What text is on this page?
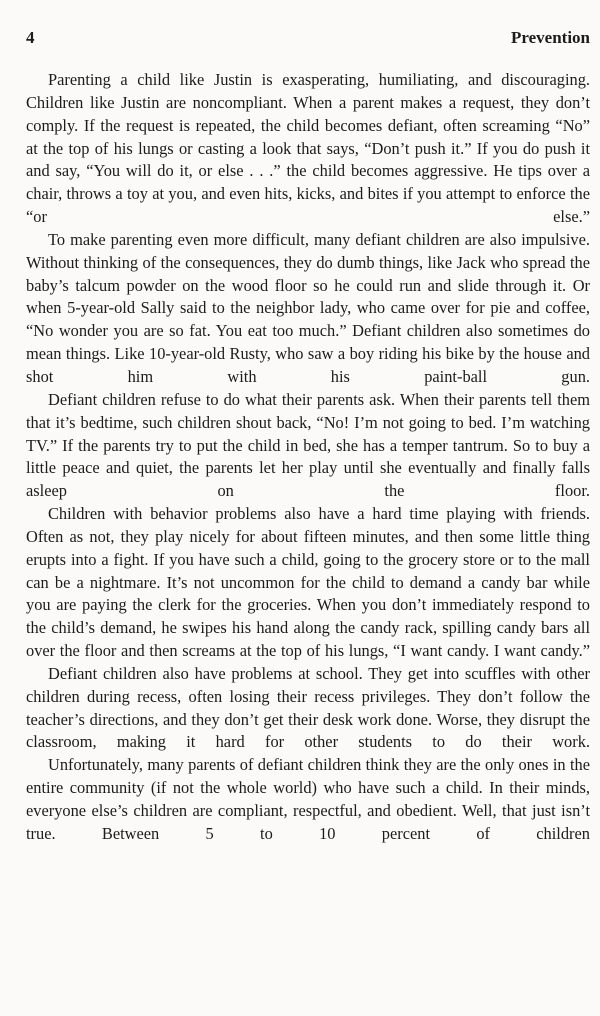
4	Prevention

Parenting a child like Justin is exasperating, humiliating, and discouraging. Children like Justin are noncompliant. When a parent makes a request, they don’t comply. If the request is repeated, the child becomes defiant, often screaming “No” at the top of his lungs or casting a look that says, “Don’t push it.” If you do push it and say, “You will do it, or else . . .” the child becomes aggressive. He tips over a chair, throws a toy at you, and even hits, kicks, and bites if you attempt to enforce the “or else.”

To make parenting even more difficult, many defiant children are also impulsive. Without thinking of the consequences, they do dumb things, like Jack who spread the baby’s talcum powder on the wood floor so he could run and slide through it. Or when 5-year-old Sally said to the neighbor lady, who came over for pie and coffee, “No wonder you are so fat. You eat too much.” Defiant children also sometimes do mean things. Like 10-year-old Rusty, who saw a boy riding his bike by the house and shot him with his paint-ball gun.

Defiant children refuse to do what their parents ask. When their parents tell them that it’s bedtime, such children shout back, “No! I’m not going to bed. I’m watching TV.” If the parents try to put the child in bed, she has a temper tantrum. So to buy a little peace and quiet, the parents let her play until she eventually and finally falls asleep on the floor.

Children with behavior problems also have a hard time playing with friends. Often as not, they play nicely for about fifteen minutes, and then some little thing erupts into a fight. If you have such a child, going to the grocery store or to the mall can be a nightmare. It’s not uncommon for the child to demand a candy bar while you are paying the clerk for the groceries. When you don’t immediately respond to the child’s demand, he swipes his hand along the candy rack, spilling candy bars all over the floor and then screams at the top of his lungs, “I want candy. I want candy.”

Defiant children also have problems at school. They get into scuffles with other children during recess, often losing their recess privileges. They don’t follow the teacher’s directions, and they don’t get their desk work done. Worse, they disrupt the classroom, making it hard for other students to do their work.

Unfortunately, many parents of defiant children think they are the only ones in the entire community (if not the whole world) who have such a child. In their minds, everyone else’s children are compliant, respectful, and obedient. Well, that just isn’t true. Between 5 to 10 percent of children
